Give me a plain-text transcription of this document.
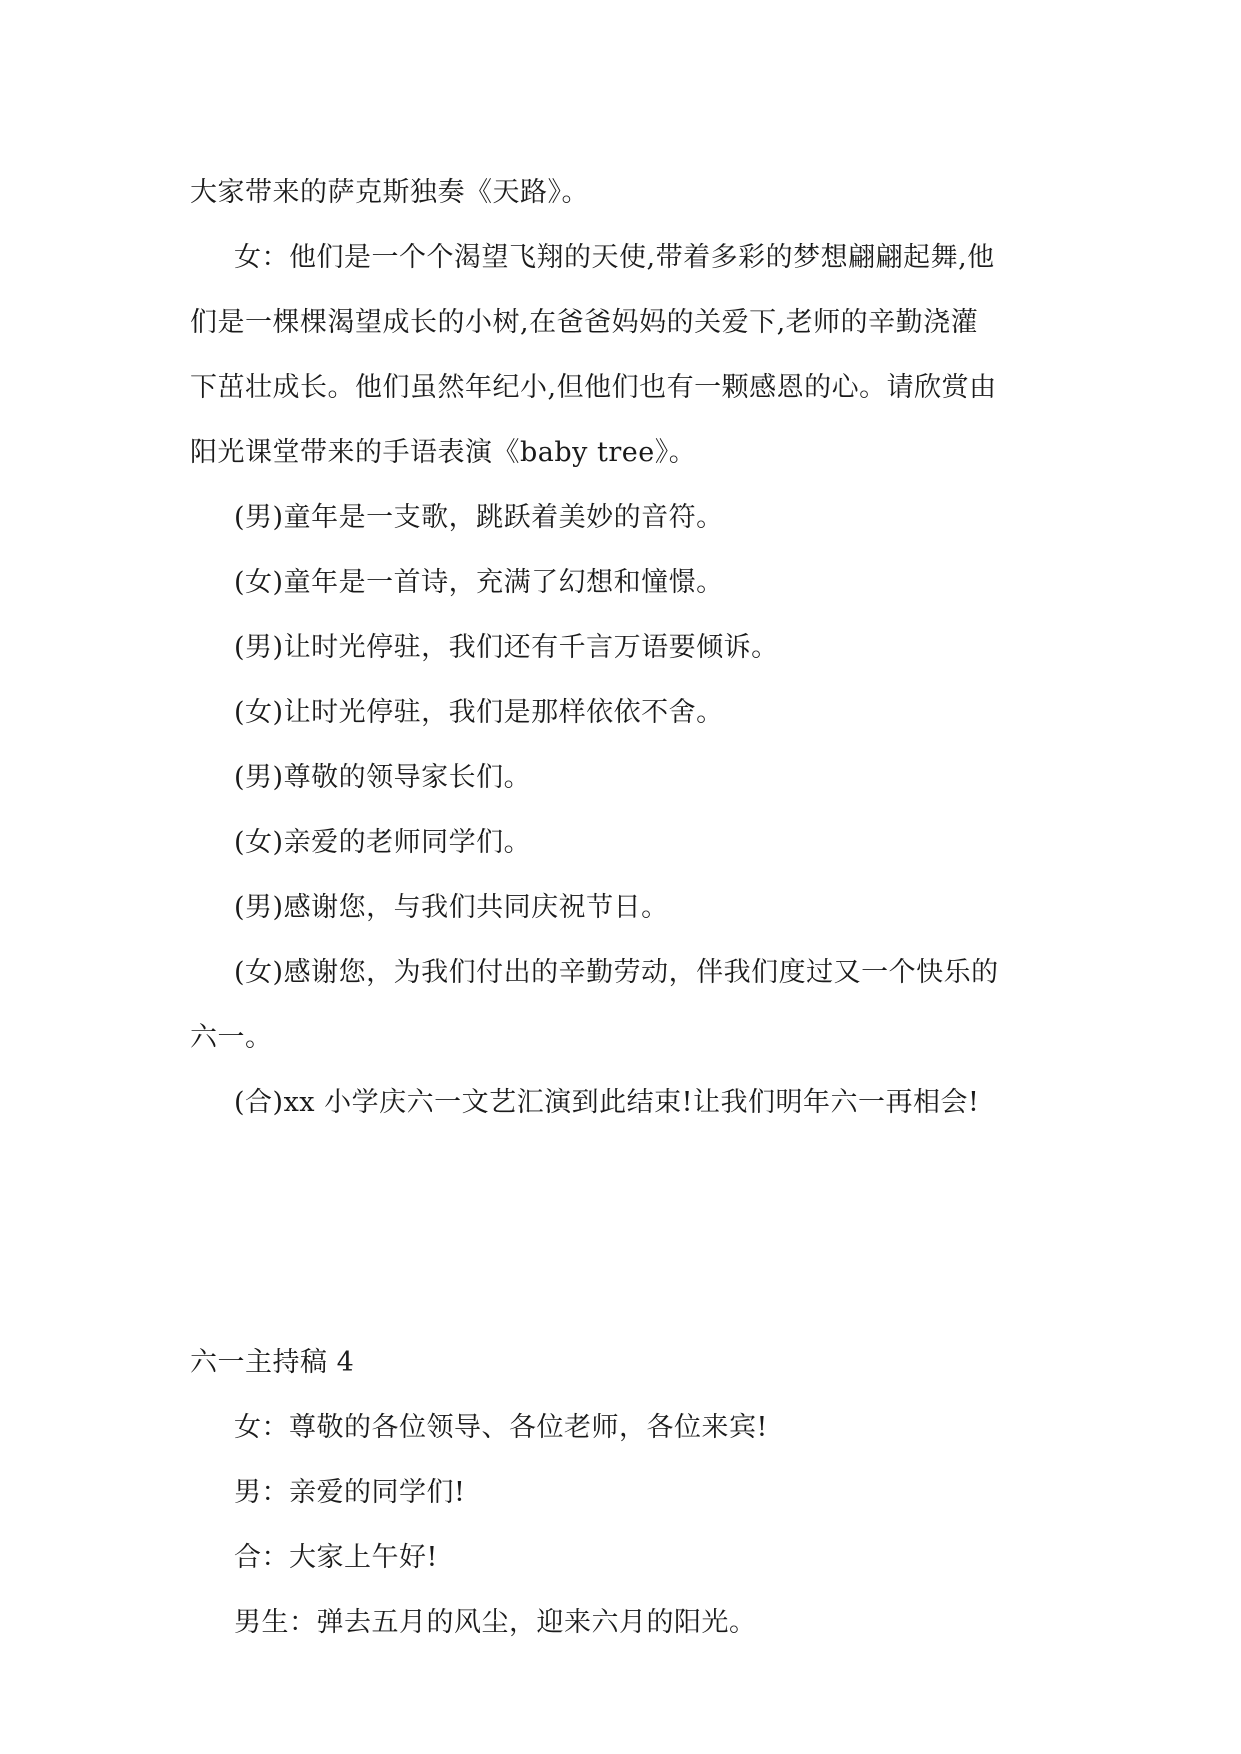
大家带来的萨克斯独奏《天路》。
女：他们是一个个渴望飞翔的天使,带着多彩的梦想翩翩起舞,他
们是一棵棵渴望成长的小树,在爸爸妈妈的关爱下,老师的辛勤浇灌
下茁壮成长。他们虽然年纪小,但他们也有一颗感恩的心。请欣赏由
阳光课堂带来的手语表演《baby tree》。
(男)童年是一支歌，跳跃着美妙的音符。
(女)童年是一首诗，充满了幻想和憧憬。
(男)让时光停驻，我们还有千言万语要倾诉。
(女)让时光停驻，我们是那样依依不舍。
(男)尊敬的领导家长们。
(女)亲爱的老师同学们。
(男)感谢您，与我们共同庆祝节日。
(女)感谢您，为我们付出的辛勤劳动，伴我们度过又一个快乐的
六一。
(合)xx 小学庆六一文艺汇演到此结束!让我们明年六一再相会!
六一主持稿 4
女：尊敬的各位领导、各位老师，各位来宾!
男：亲爱的同学们!
合：大家上午好!
男生：弹去五月的风尘，迎来六月的阳光。
